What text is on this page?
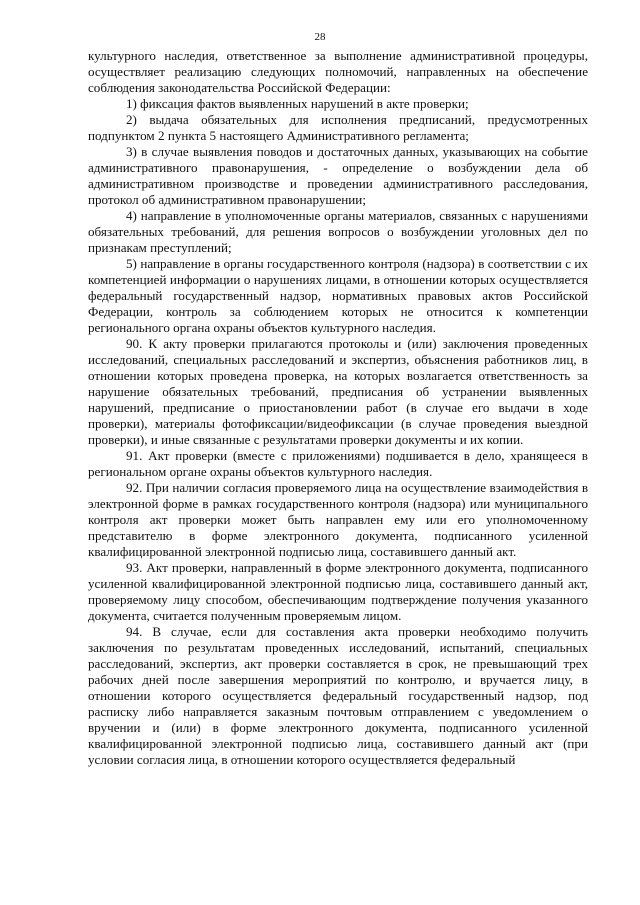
28

культурного наследия, ответственное за выполнение административной процедуры, осуществляет реализацию следующих полномочий, направленных на обеспечение соблюдения законодательства Российской Федерации:

1) фиксация фактов выявленных нарушений в акте проверки;

2) выдача обязательных для исполнения предписаний, предусмотренных подпунктом 2 пункта 5 настоящего Административного регламента;

3) в случае выявления поводов и достаточных данных, указывающих на событие административного правонарушения, - определение о возбуждении дела об административном производстве и проведении административного расследования, протокол об административном правонарушении;

4) направление в уполномоченные органы материалов, связанных с нарушениями обязательных требований, для решения вопросов о возбуждении уголовных дел по признакам преступлений;

5) направление в органы государственного контроля (надзора) в соответствии с их компетенцией информации о нарушениях лицами, в отношении которых осуществляется федеральный государственный надзор, нормативных правовых актов Российской Федерации, контроль за соблюдением которых не относится к компетенции регионального органа охраны объектов культурного наследия.

90. К акту проверки прилагаются протоколы и (или) заключения проведенных исследований, специальных расследований и экспертиз, объяснения работников лиц, в отношении которых проведена проверка, на которых возлагается ответственность за нарушение обязательных требований, предписания об устранении выявленных нарушений, предписание о приостановлении работ (в случае его выдачи в ходе проверки), материалы фотофиксации/видеофиксации (в случае проведения выездной проверки), и иные связанные с результатами проверки документы и их копии.

91. Акт проверки (вместе с приложениями) подшивается в дело, хранящееся в региональном органе охраны объектов культурного наследия.

92. При наличии согласия проверяемого лица на осуществление взаимодействия в электронной форме в рамках государственного контроля (надзора) или муниципального контроля акт проверки может быть направлен ему или его уполномоченному представителю в форме электронного документа, подписанного усиленной квалифицированной электронной подписью лица, составившего данный акт.

93. Акт проверки, направленный в форме электронного документа, подписанного усиленной квалифицированной электронной подписью лица, составившего данный акт, проверяемому лицу способом, обеспечивающим подтверждение получения указанного документа, считается полученным проверяемым лицом.

94. В случае, если для составления акта проверки необходимо получить заключения по результатам проведенных исследований, испытаний, специальных расследований, экспертиз, акт проверки составляется в срок, не превышающий трех рабочих дней после завершения мероприятий по контролю, и вручается лицу, в отношении которого осуществляется федеральный государственный надзор, под расписку либо направляется заказным почтовым отправлением с уведомлением о вручении и (или) в форме электронного документа, подписанного усиленной квалифицированной электронной подписью лица, составившего данный акт (при условии согласия лица, в отношении которого осуществляется федеральный
